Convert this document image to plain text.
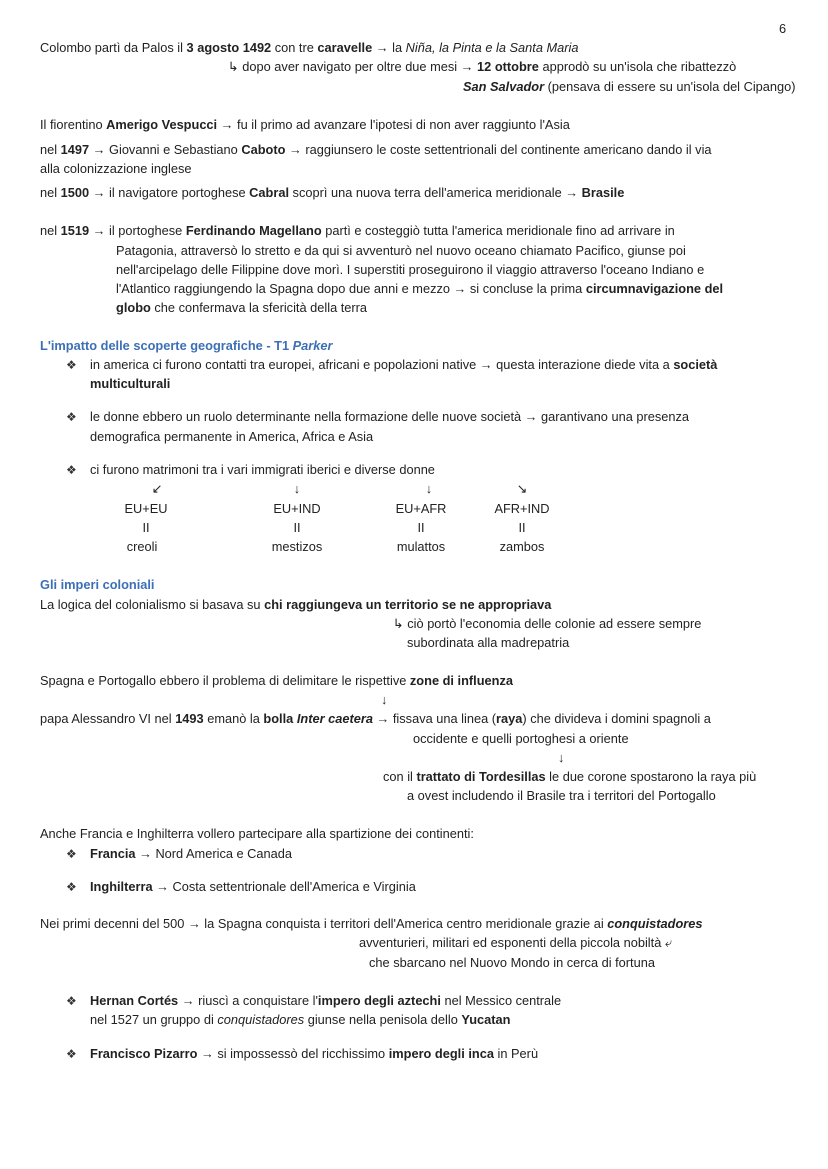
6
Colombo partì da Palos il 3 agosto 1492 con tre caravelle → la Niña, la Pinta e la Santa Maria
↳ dopo aver navigato per oltre due mesi → 12 ottobre approdò su un'isola che ribattezzò
San Salvador (pensava di essere su un'isola del Cipango)
Il fiorentino Amerigo Vespucci → fu il primo ad avanzare l'ipotesi di non aver raggiunto l'Asia
nel 1497 → Giovanni e Sebastiano Caboto → raggiunsero le coste settentrionali del continente americano dando il via
alla colonizzazione inglese
nel 1500 → il navigatore portoghese Cabral scoprì una nuova terra dell'america meridionale → Brasile
nel 1519 → il portoghese Ferdinando Magellano partì e costeggiò tutta l'america meridionale fino ad arrivare in
Patagonia, attraversò lo stretto e da qui si avventurò nel nuovo oceano chiamato Pacifico, giunse poi
nell'arcipelago delle Filippine dove morì. I superstiti proseguirono il viaggio attraverso l'oceano Indiano e
l'Atlantico raggiungendo la Spagna dopo due anni e mezzo → si concluse la prima circumnavigazione del
globo che confermava la sfericità della terra
L'impatto delle scoperte geografiche - T1 Parker
❖ in america ci furono contatti tra europei, africani e popolazioni native → questa interazione diede vita a società
multiculturali
❖ le donne ebbero un ruolo determinante nella formazione delle nuove società → garantivano una presenza
demografica permanente in America, Africa e Asia
❖ ci furono matrimoni tra i vari immigrati iberici e diverse donne
↙	↓	↓	↘
EU+EU	EU+IND	EU+AFR	AFR+IND
II	II	II	II
creoli	mestizos	mulattos	zambos
Gli imperi coloniali
La logica del colonialismo si basava su chi raggiungeva un territorio se ne appropriava
↳ ciò portò l'economia delle colonie ad essere sempre
subordinata alla madrepatria
Spagna e Portogallo ebbero il problema di delimitare le rispettive zone di influenza
↓
papa Alessandro VI nel 1493 emanò la bolla Inter caetera → fissava una linea (raya) che divideva i domini spagnoli a
occidente e quelli portoghesi a oriente
↓
con il trattato di Tordesillas le due corone spostarono la raya più
a ovest includendo il Brasile tra i territori del Portogallo
Anche Francia e Inghilterra vollero partecipare alla spartizione dei continenti:
❖ Francia → Nord America e Canada
❖ Inghilterra → Costa settentrionale dell'America e Virginia
Nei primi decenni del 500 → la Spagna conquista i territori dell'America centro meridionale grazie ai conquistadores
avventurieri, militari ed esponenti della piccola nobiltà ⤶
che sbarcano nel Nuovo Mondo in cerca di fortuna
❖ Hernan Cortés → riuscì a conquistare l'impero degli aztechi nel Messico centrale
nel 1527 un gruppo di conquistadores giunse nella penisola dello Yucatan
❖ Francisco Pizarro → si impossessò del ricchissimo impero degli inca in Perù
